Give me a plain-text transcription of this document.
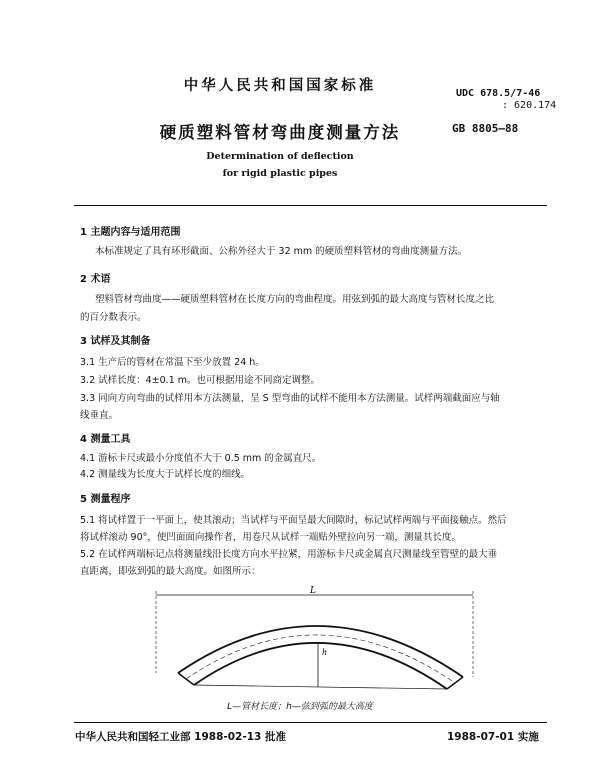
中华人民共和国国家标准	UDC 678.5/7-46
: 620.174
硬质塑料管材弯曲度测量方法	GB 8805—88
Determination of deflection
for rigid plastic pipes
1 主题内容与适用范围
本标准规定了具有环形截面、公称外径大于 32 mm 的硬质塑料管材的弯曲度测量方法。
2 术语
塑料管材弯曲度——硬质塑料管材在长度方向的弯曲程度。用弦到弧的最大高度与管材长度之比
的百分数表示。
3 试样及其制备
3.1 生产后的管材在常温下至少放置 24 h。
3.2 试样长度：4±0.1 m。也可根据用途不同商定调整。
3.3 同向方向弯曲的试样用本方法测量，呈 S 型弯曲的试样不能用本方法测量。试样两端截面应与轴
线垂直。
4 测量工具
4.1 游标卡尺或最小分度值不大于 0.5 mm 的金属直尺。
4.2 测量线为长度大于试样长度的细线。
5 测量程序
5.1 将试样置于一平面上，使其滚动；当试样与平面呈最大间隙时，标记试样两端与平面接触点。然后
将试样滚动 90°，使凹面面向操作者，用卷尺从试样一端贴外壁拉向另一端，测量其长度。
5.2 在试样两端标记点将测量线沿长度方向水平拉紧，用游标卡尺或金属直尺测量线至管壁的最大垂
直距离，即弦到弧的最大高度。如图所示：
L
h
L—管材长度；h—弦到弧的最大高度
中华人民共和国轻工业部 1988-02-13 批准	1988-07-01 实施
